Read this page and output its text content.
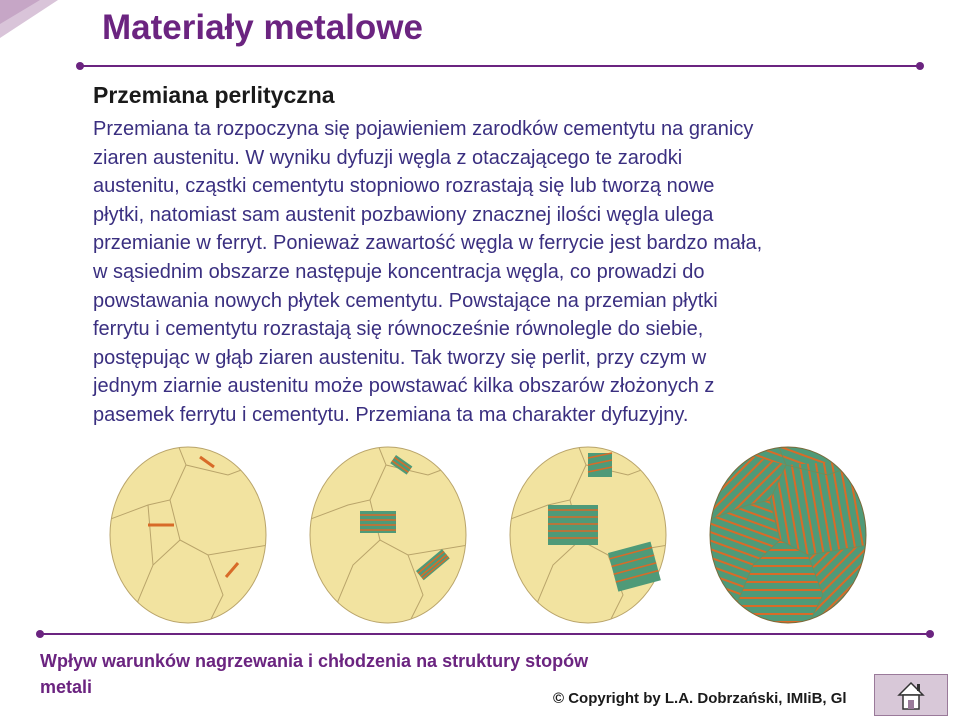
Materiały metalowe
Przemiana perlityczna
Przemiana ta rozpoczyna się pojawieniem zarodków cementytu na granicy
ziaren austenitu. W wyniku dyfuzji węgla z otaczającego te zarodki
austenitu, cząstki cementytu stopniowo rozrastają się lub tworzą nowe
płytki, natomiast sam austenit pozbawiony znacznej ilości węgla ulega
przemianie w ferryt. Ponieważ zawartość węgla w ferrycie jest bardzo mała,
w sąsiednim obszarze następuje koncentracja węgla, co prowadzi do
powstawania nowych płytek cementytu. Powstające na przemian płytki
ferrytu i cementytu rozrastają się równocześnie równolegle do siebie,
postępując w głąb ziaren austenitu. Tak tworzy się perlit, przy czym w
jednym ziarnie austenitu może powstawać kilka obszarów złożonych z
pasemek ferrytu i cementytu. Przemiana ta ma charakter dyfuzyjny.
Wpływ warunków nagrzewania i chłodzenia na struktury stopów metali
© Copyright by L.A. Dobrzański, IMIiB, Gl
